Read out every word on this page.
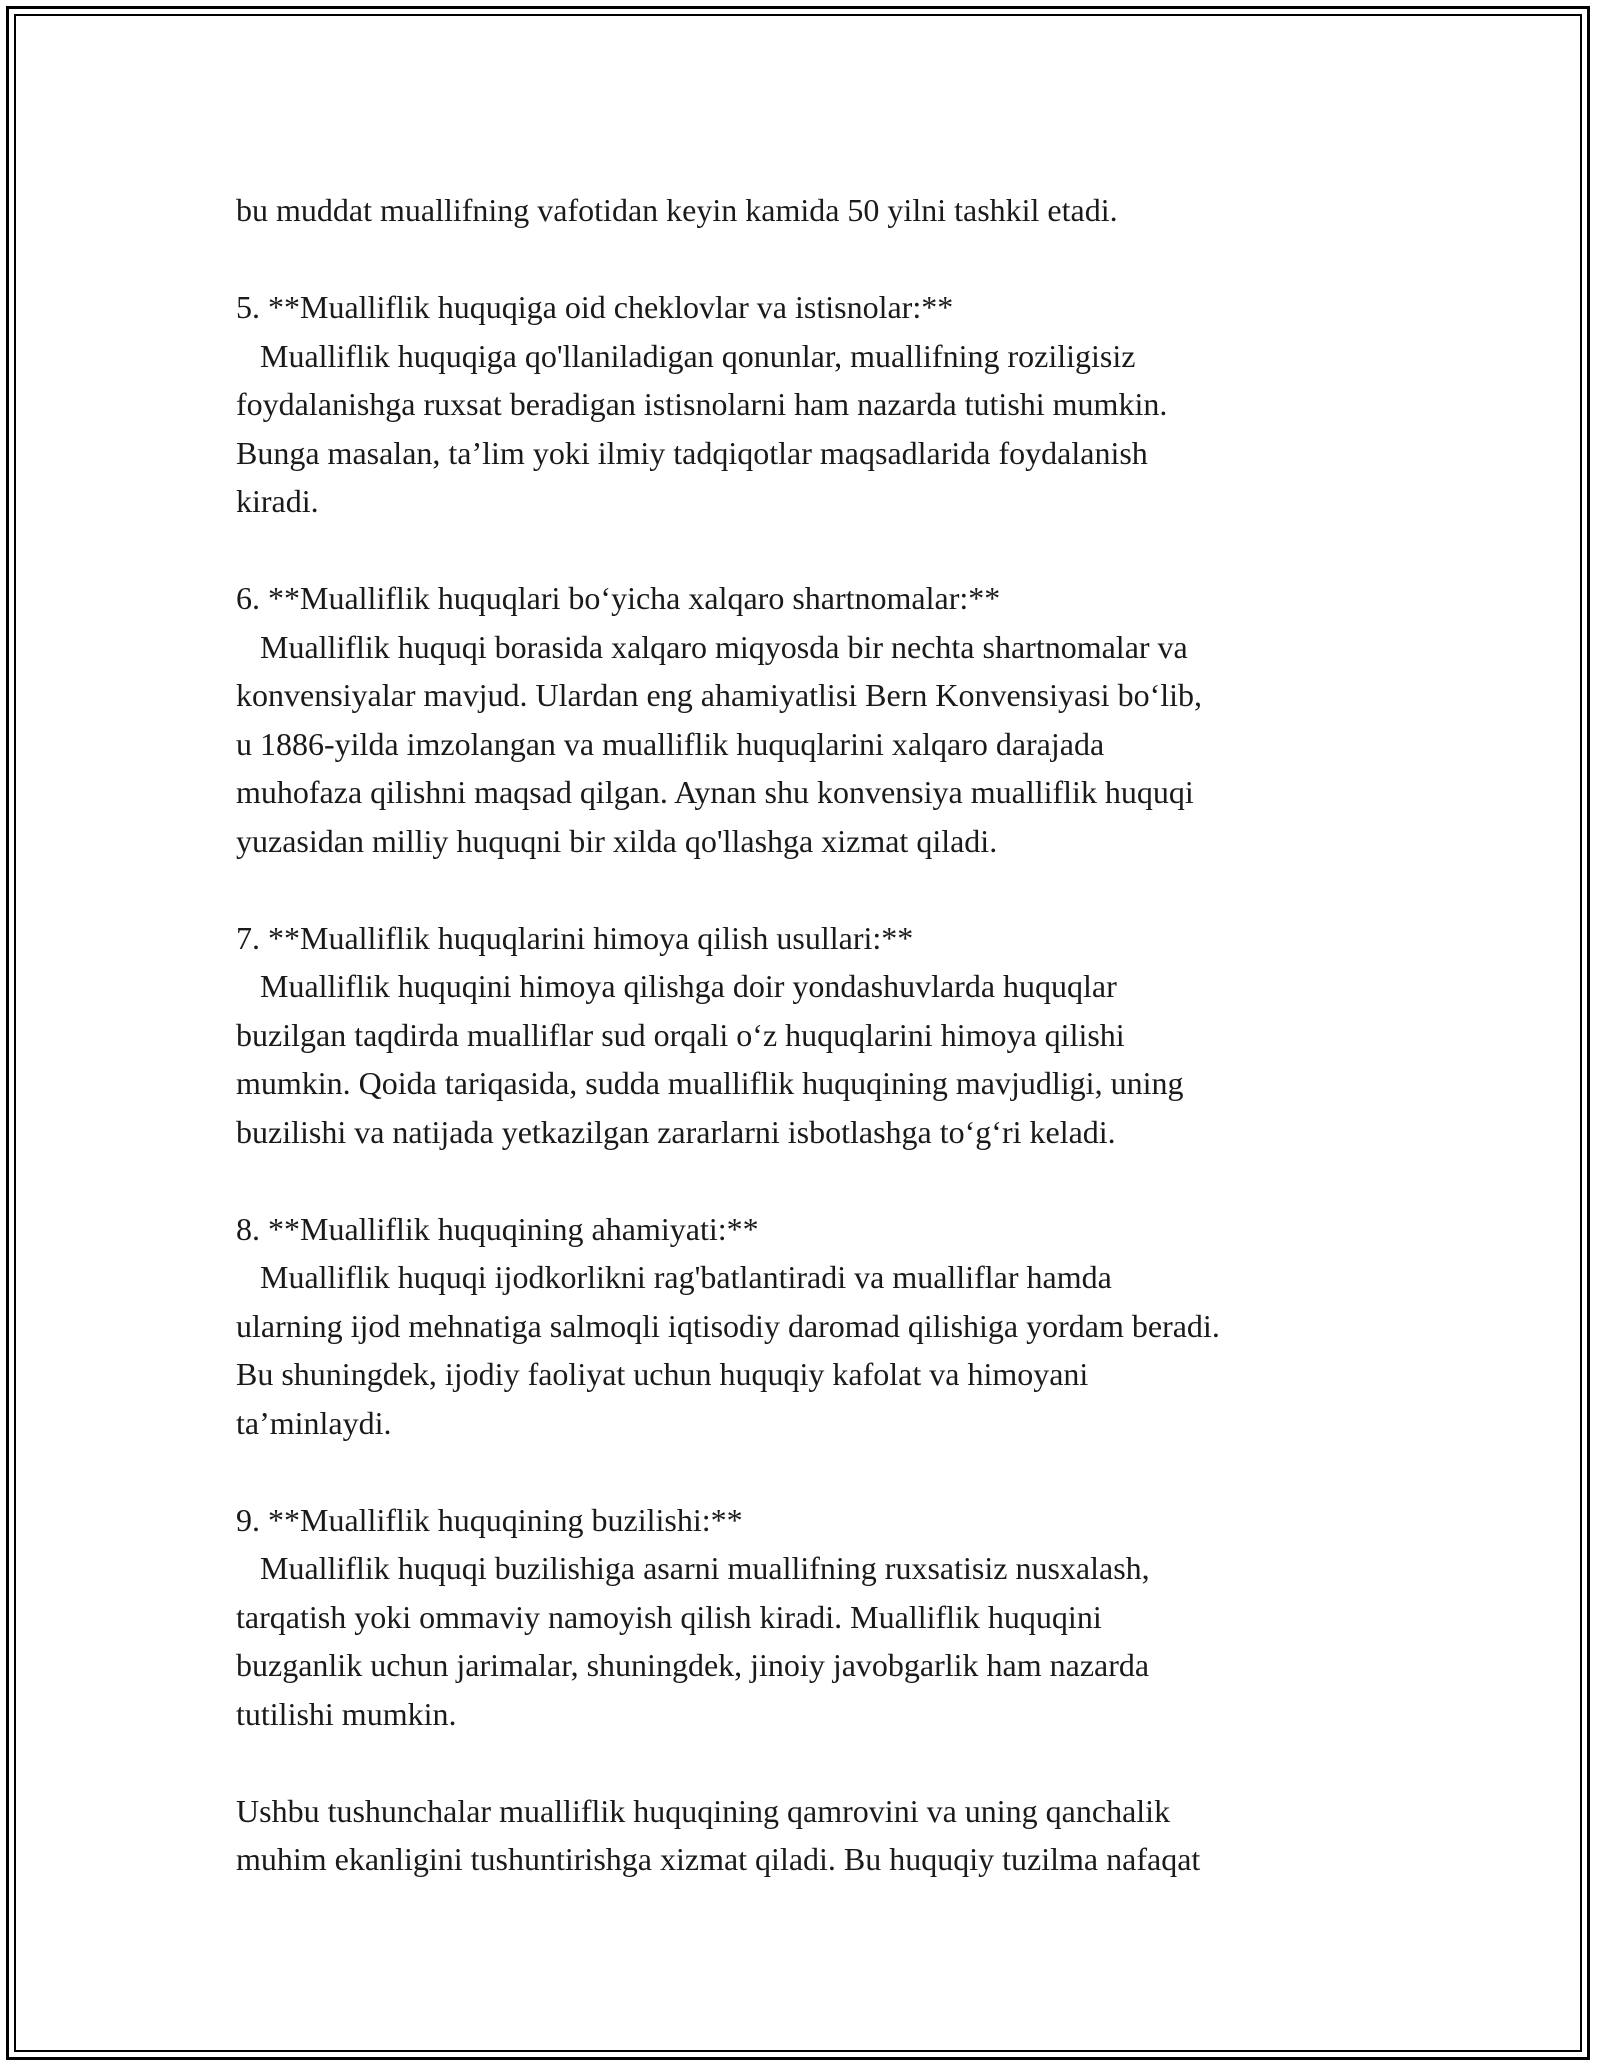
bu muddat muallifning vafotidan keyin kamida 50 yilni tashkil etadi.
5. **Mualliflik huquqiga oid cheklovlar va istisnolar:**
Mualliflik huquqiga qo'llaniladigan qonunlar, muallifning roziligisiz
foydalanishga ruxsat beradigan istisnolarni ham nazarda tutishi mumkin.
Bunga masalan, ta’lim yoki ilmiy tadqiqotlar maqsadlarida foydalanish
kiradi.
6. **Mualliflik huquqlari bo‘yicha xalqaro shartnomalar:**
Mualliflik huquqi borasida xalqaro miqyosda bir nechta shartnomalar va
konvensiyalar mavjud. Ulardan eng ahamiyatlisi Bern Konvensiyasi bo‘lib,
u 1886-yilda imzolangan va mualliflik huquqlarini xalqaro darajada
muhofaza qilishni maqsad qilgan. Aynan shu konvensiya mualliflik huquqi
yuzasidan milliy huquqni bir xilda qo'llashga xizmat qiladi.
7. **Mualliflik huquqlarini himoya qilish usullari:**
Mualliflik huquqini himoya qilishga doir yondashuvlarda huquqlar
buzilgan taqdirda mualliflar sud orqali o‘z huquqlarini himoya qilishi
mumkin. Qoida tariqasida, sudda mualliflik huquqining mavjudligi, uning
buzilishi va natijada yetkazilgan zararlarni isbotlashga to‘g‘ri keladi.
8. **Mualliflik huquqining ahamiyati:**
Mualliflik huquqi ijodkorlikni rag'batlantiradi va mualliflar hamda
ularning ijod mehnatiga salmoqli iqtisodiy daromad qilishiga yordam beradi.
Bu shuningdek, ijodiy faoliyat uchun huquqiy kafolat va himoyani
ta’minlaydi.
9. **Mualliflik huquqining buzilishi:**
Mualliflik huquqi buzilishiga asarni muallifning ruxsatisiz nusxalash,
tarqatish yoki ommaviy namoyish qilish kiradi. Mualliflik huquqini
buzganlik uchun jarimalar, shuningdek, jinoiy javobgarlik ham nazarda
tutilishi mumkin.
Ushbu tushunchalar mualliflik huquqining qamrovini va uning qanchalik
muhim ekanligini tushuntirishga xizmat qiladi. Bu huquqiy tuzilma nafaqat
